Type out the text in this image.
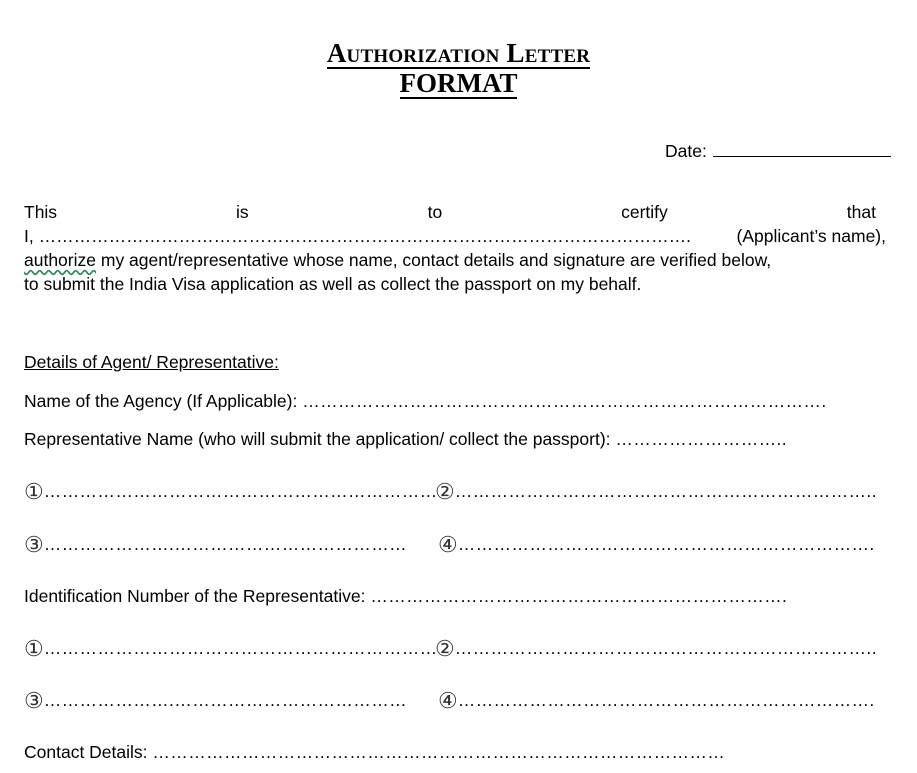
Authorization Letter
FORMAT
Date:
This	is	to	certify	that
I, ………………………………………………………………………………………………….	(Applicant’s name),
authorize my agent/representative whose name, contact details and signature are verified below,
to submit the India Visa application as well as collect the passport on my behalf.
Details of Agent/ Representative:
Name of the Agency (If Applicable): …………………………………………………………………………….
Representative Name (who will submit the application/ collect the passport): ………………………..
①…………………………………………………………
②……………………………………………………………..
③………………….………………………………… ④…………………………………………………………….
Identification Number of the Representative: …………………………………………………………….
①…………………………………………………………
②……………………………………………………………..
③………………….………………………………… ④…………………………………………………………….
Contact Details: ……………………………………………………………………………………
